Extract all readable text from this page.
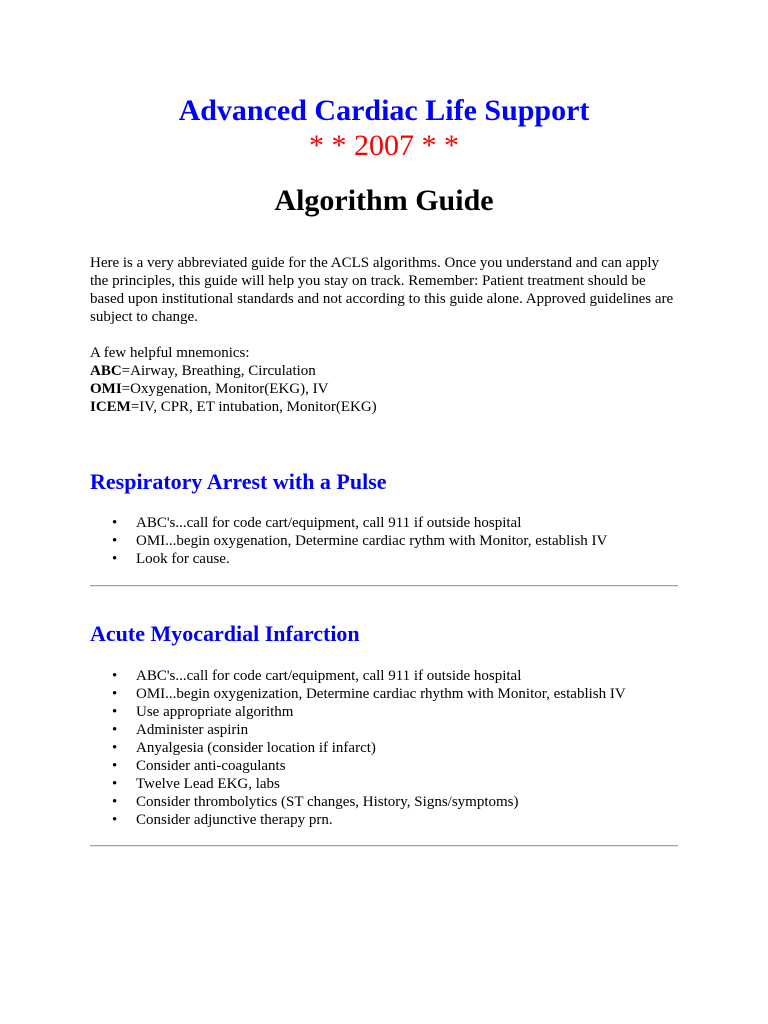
Advanced Cardiac Life Support
* * 2007 * *
Algorithm Guide

Here is a very abbreviated guide for the ACLS algorithms. Once you understand and can apply the principles, this guide will help you stay on track. Remember: Patient treatment should be based upon institutional standards and not according to this guide alone. Approved guidelines are subject to change.

A few helpful mnemonics:
ABC=Airway, Breathing, Circulation
OMI=Oxygenation, Monitor(EKG), IV
ICEM=IV, CPR, ET intubation, Monitor(EKG)
Respiratory Arrest with a Pulse
• ABC's...call for code cart/equipment, call 911 if outside hospital
• OMI...begin oxygenation, Determine cardiac rythm with Monitor, establish IV
• Look for cause.
Acute Myocardial Infarction
• ABC's...call for code cart/equipment, call 911 if outside hospital
• OMI...begin oxygenization, Determine cardiac rhythm with Monitor, establish IV
• Use appropriate algorithm
• Administer aspirin
• Anyalgesia (consider location if infarct)
• Consider anti-coagulants
• Twelve Lead EKG, labs
• Consider thrombolytics (ST changes, History, Signs/symptoms)
• Consider adjunctive therapy prn.
